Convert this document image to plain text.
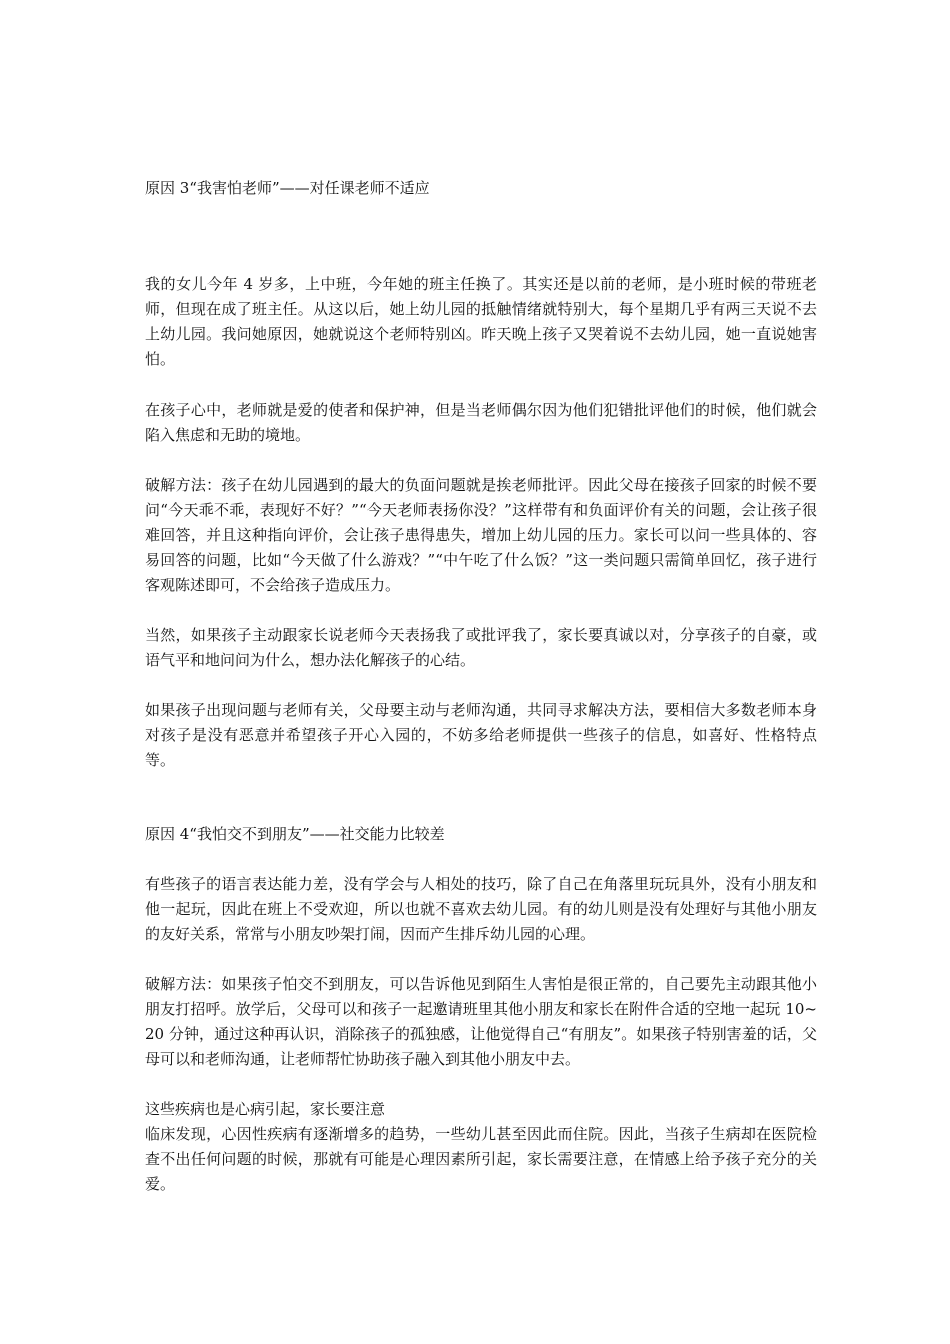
原因 3“我害怕老师”——对任课老师不适应

我的女儿今年 4 岁多，上中班，今年她的班主任换了。其实还是以前的老师，是小班时候的带班老师，但现在成了班主任。从这以后，她上幼儿园的抵触情绪就特别大，每个星期几乎有两三天说不去上幼儿园。我问她原因，她就说这个老师特别凶。昨天晚上孩子又哭着说不去幼儿园，她一直说她害怕。

在孩子心中，老师就是爱的使者和保护神，但是当老师偶尔因为他们犯错批评他们的时候，他们就会陷入焦虑和无助的境地。

破解方法：孩子在幼儿园遇到的最大的负面问题就是挨老师批评。因此父母在接孩子回家的时候不要问“今天乖不乖，表现好不好？”“今天老师表扬你没？”这样带有和负面评价有关的问题，会让孩子很难回答，并且这种指向评价，会让孩子患得患失，增加上幼儿园的压力。家长可以问一些具体的、容易回答的问题，比如“今天做了什么游戏？”“中午吃了什么饭？”这一类问题只需简单回忆，孩子进行客观陈述即可，不会给孩子造成压力。

当然，如果孩子主动跟家长说老师今天表扬我了或批评我了，家长要真诚以对，分享孩子的自豪，或语气平和地问问为什么，想办法化解孩子的心结。

如果孩子出现问题与老师有关，父母要主动与老师沟通，共同寻求解决方法，要相信大多数老师本身对孩子是没有恶意并希望孩子开心入园的，不妨多给老师提供一些孩子的信息，如喜好、性格特点等。

原因 4“我怕交不到朋友”——社交能力比较差

有些孩子的语言表达能力差，没有学会与人相处的技巧，除了自己在角落里玩玩具外，没有小朋友和他一起玩，因此在班上不受欢迎，所以也就不喜欢去幼儿园。有的幼儿则是没有处理好与其他小朋友的友好关系，常常与小朋友吵架打闹，因而产生排斥幼儿园的心理。

破解方法：如果孩子怕交不到朋友，可以告诉他见到陌生人害怕是很正常的，自己要先主动跟其他小朋友打招呼。放学后，父母可以和孩子一起邀请班里其他小朋友和家长在附件合适的空地一起玩 10~20 分钟，通过这种再认识，消除孩子的孤独感，让他觉得自己“有朋友”。如果孩子特别害羞的话，父母可以和老师沟通，让老师帮忙协助孩子融入到其他小朋友中去。

这些疾病也是心病引起，家长要注意

临床发现，心因性疾病有逐渐增多的趋势，一些幼儿甚至因此而住院。因此，当孩子生病却在医院检查不出任何问题的时候，那就有可能是心理因素所引起，家长需要注意，在情感上给予孩子充分的关爱。
